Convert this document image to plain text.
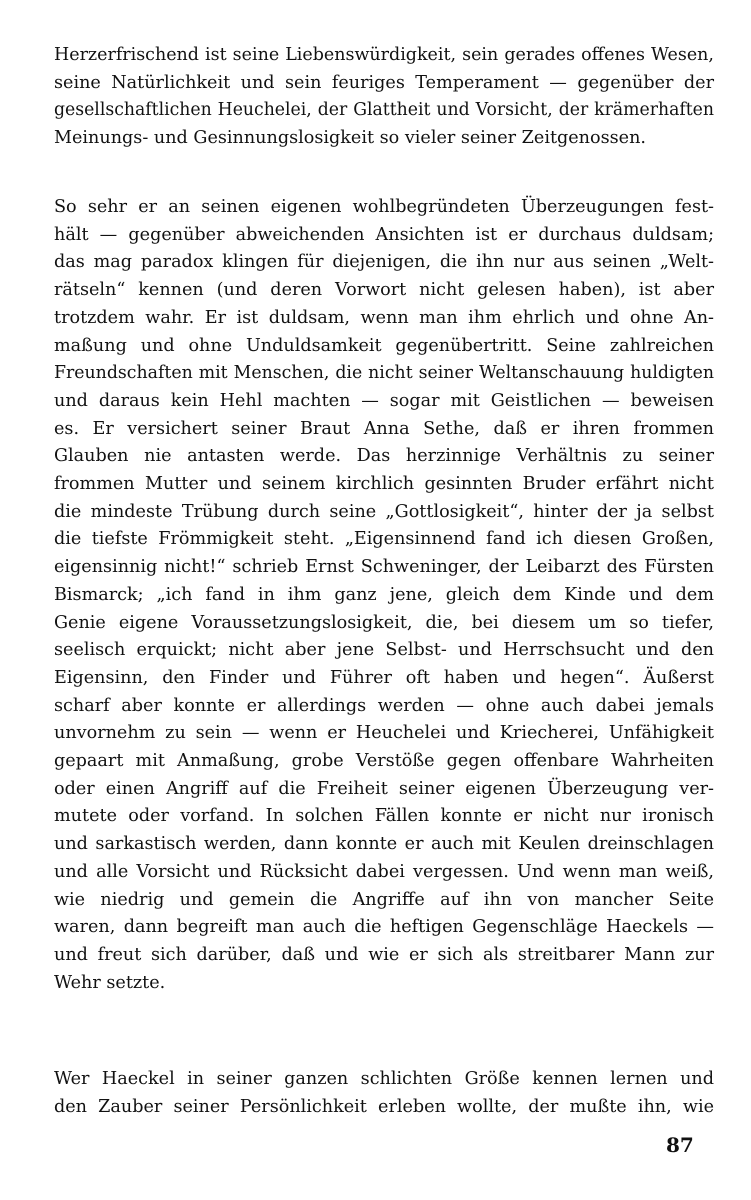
Herzerfrischend ist seine Liebenswürdigkeit, sein gerades offenes Wesen,
seine Natürlichkeit und sein feuriges Temperament — gegenüber der
gesellschaftlichen Heuchelei, der Glattheit und Vorsicht, der krämerhaften
Meinungs- und Gesinnungslosigkeit so vieler seiner Zeitgenossen.
So sehr er an seinen eigenen wohlbegründeten Überzeugungen fest-
hält — gegenüber abweichenden Ansichten ist er durchaus duldsam;
das mag paradox klingen für diejenigen, die ihn nur aus seinen „Welt-
rätseln“ kennen (und deren Vorwort nicht gelesen haben), ist aber
trotzdem wahr. Er ist duldsam, wenn man ihm ehrlich und ohne An-
maßung und ohne Unduldsamkeit gegenübertritt. Seine zahlreichen
Freundschaften mit Menschen, die nicht seiner Weltanschauung huldigten
und daraus kein Hehl machten — sogar mit Geistlichen — beweisen
es. Er versichert seiner Braut Anna Sethe, daß er ihren frommen
Glauben nie antasten werde. Das herzinnige Verhältnis zu seiner
frommen Mutter und seinem kirchlich gesinnten Bruder erfährt nicht
die mindeste Trübung durch seine „Gottlosigkeit“, hinter der ja selbst
die tiefste Frömmigkeit steht. „Eigensinnend fand ich diesen Großen,
eigensinnig nicht!“ schrieb Ernst Schweninger, der Leibarzt des Fürsten
Bismarck; „ich fand in ihm ganz jene, gleich dem Kinde und dem
Genie eigene Voraussetzungslosigkeit, die, bei diesem um so tiefer,
seelisch erquickt; nicht aber jene Selbst- und Herrschsucht und den
Eigensinn, den Finder und Führer oft haben und hegen“. Äußerst
scharf aber konnte er allerdings werden — ohne auch dabei jemals
unvornehm zu sein — wenn er Heuchelei und Kriecherei, Unfähigkeit
gepaart mit Anmaßung, grobe Verstöße gegen offenbare Wahrheiten
oder einen Angriff auf die Freiheit seiner eigenen Überzeugung ver-
mutete oder vorfand. In solchen Fällen konnte er nicht nur ironisch
und sarkastisch werden, dann konnte er auch mit Keulen dreinschlagen
und alle Vorsicht und Rücksicht dabei vergessen. Und wenn man weiß,
wie niedrig und gemein die Angriffe auf ihn von mancher Seite
waren, dann begreift man auch die heftigen Gegenschläge Haeckels —
und freut sich darüber, daß und wie er sich als streitbarer Mann zur
Wehr setzte.
Wer Haeckel in seiner ganzen schlichten Größe kennen lernen und
den Zauber seiner Persönlichkeit erleben wollte, der mußte ihn, wie
87
